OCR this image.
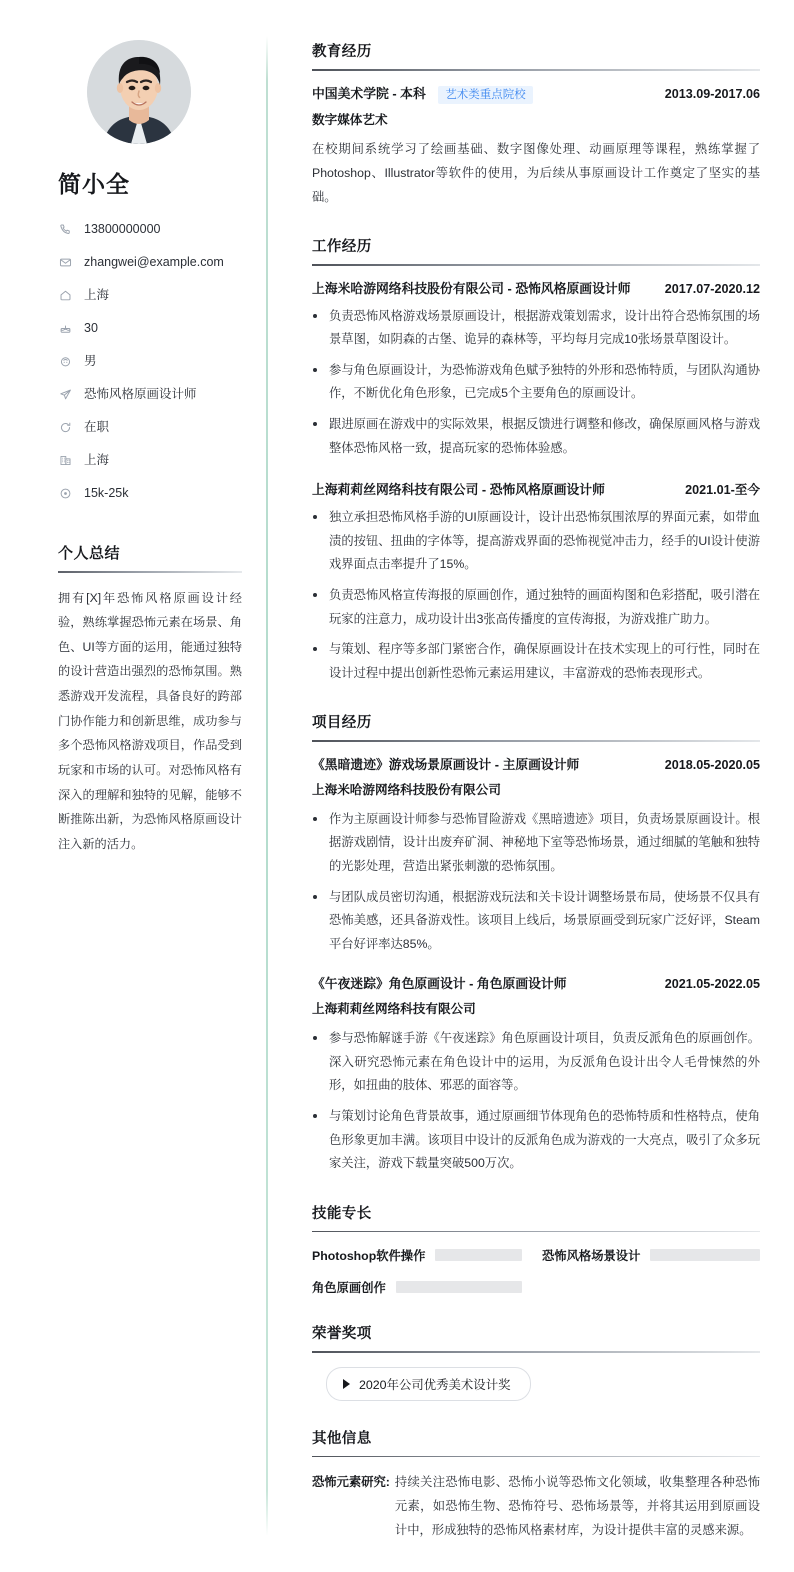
简小全
13800000000
zhangwei@example.com
上海
30
男
恐怖风格原画设计师
在职
上海
15k-25k
个人总结

拥有[X]年恐怖风格原画设计经验，熟练掌握恐怖元素在场景、角色、UI等方面的运用，能通过独特的设计营造出强烈的恐怖氛围。熟悉游戏开发流程，具备良好的跨部门协作能力和创新思维，成功参与多个恐怖风格游戏项目，作品受到玩家和市场的认可。对恐怖风格有深入的理解和独特的见解，能够不断推陈出新，为恐怖风格原画设计注入新的活力。

教育经历
中国美术学院 - 本科 艺术类重点院校	2013.09-2017.06
数字媒体艺术

在校期间系统学习了绘画基础、数字图像处理、动画原理等课程，熟练掌握了Photoshop、Illustrator等软件的使用，为后续从事原画设计工作奠定了坚实的基础。

工作经历
上海米哈游网络科技股份有限公司 - 恐怖风格原画设计师	2017.07-2020.12
负责恐怖风格游戏场景原画设计，根据游戏策划需求，设计出符合恐怖氛围的场景草图，如阴森的古堡、诡异的森林等，平均每月完成10张场景草图设计。
参与角色原画设计，为恐怖游戏角色赋予独特的外形和恐怖特质，与团队沟通协作，不断优化角色形象，已完成5个主要角色的原画设计。
跟进原画在游戏中的实际效果，根据反馈进行调整和修改，确保原画风格与游戏整体恐怖风格一致，提高玩家的恐怖体验感。
上海莉莉丝网络科技有限公司 - 恐怖风格原画设计师	2021.01-至今
独立承担恐怖风格手游的UI原画设计，设计出恐怖氛围浓厚的界面元素，如带血渍的按钮、扭曲的字体等，提高游戏界面的恐怖视觉冲击力，经手的UI设计使游戏界面点击率提升了15%。
负责恐怖风格宣传海报的原画创作，通过独特的画面构图和色彩搭配，吸引潜在玩家的注意力，成功设计出3张高传播度的宣传海报，为游戏推广助力。
与策划、程序等多部门紧密合作，确保原画设计在技术实现上的可行性，同时在设计过程中提出创新性恐怖元素运用建议，丰富游戏的恐怖表现形式。
项目经历
《黑暗遗迹》游戏场景原画设计 - 主原画设计师	2018.05-2020.05
上海米哈游网络科技股份有限公司
作为主原画设计师参与恐怖冒险游戏《黑暗遗迹》项目，负责场景原画设计。根据游戏剧情，设计出废弃矿洞、神秘地下室等恐怖场景，通过细腻的笔触和独特的光影处理，营造出紧张刺激的恐怖氛围。
与团队成员密切沟通，根据游戏玩法和关卡设计调整场景布局，使场景不仅具有恐怖美感，还具备游戏性。该项目上线后，场景原画受到玩家广泛好评，Steam平台好评率达85%。
《午夜迷踪》角色原画设计 - 角色原画设计师	2021.05-2022.05
上海莉莉丝网络科技有限公司
参与恐怖解谜手游《午夜迷踪》角色原画设计项目，负责反派角色的原画创作。深入研究恐怖元素在角色设计中的运用，为反派角色设计出令人毛骨悚然的外形，如扭曲的肢体、邪恶的面容等。
与策划讨论角色背景故事，通过原画细节体现角色的恐怖特质和性格特点，使角色形象更加丰满。该项目中设计的反派角色成为游戏的一大亮点，吸引了众多玩家关注，游戏下载量突破500万次。
技能专长
Photoshop软件操作	恐怖风格场景设计
角色原画创作
荣誉奖项
2020年公司优秀美术设计奖
其他信息
恐怖元素研究: 持续关注恐怖电影、恐怖小说等恐怖文化领域，收集整理各种恐怖元素，如恐怖生物、恐怖符号、恐怖场景等，并将其运用到原画设计中，形成独特的恐怖风格素材库，为设计提供丰富的灵感来源。
